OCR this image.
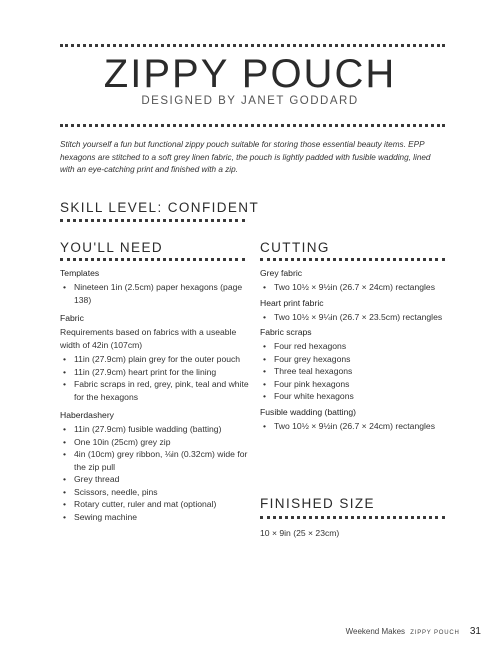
ZIPPY POUCH
DESIGNED BY JANET GODDARD
Stitch yourself a fun but functional zippy pouch suitable for storing those essential beauty items. EPP hexagons are stitched to a soft grey linen fabric, the pouch is lightly padded with fusible wadding, lined with an eye-catching print and finished with a zip.
SKILL LEVEL: CONFIDENT
YOU'LL NEED
Templates
• Nineteen 1in (2.5cm) paper hexagons (page 138)
Fabric
Requirements based on fabrics with a useable width of 42in (107cm)
• 11in (27.9cm) plain grey for the outer pouch
• 11in (27.9cm) heart print for the lining
• Fabric scraps in red, grey, pink, teal and white for the hexagons
Haberdashery
• 11in (27.9cm) fusible wadding (batting)
• One 10in (25cm) grey zip
• 4in (10cm) grey ribbon, ⅛in (0.32cm) wide for the zip pull
• Grey thread
• Scissors, needle, pins
• Rotary cutter, ruler and mat (optional)
• Sewing machine
CUTTING
Grey fabric
• Two 10½ × 9½in (26.7 × 24cm) rectangles
Heart print fabric
• Two 10½ × 9¼in (26.7 × 23.5cm) rectangles
Fabric scraps
• Four red hexagons
• Four grey hexagons
• Three teal hexagons
• Four pink hexagons
• Four white hexagons
Fusible wadding (batting)
• Two 10½ × 9½in (26.7 × 24cm) rectangles
FINISHED SIZE
10 × 9in (25 × 23cm)
Weekend Makes ZIPPY POUCH 31
